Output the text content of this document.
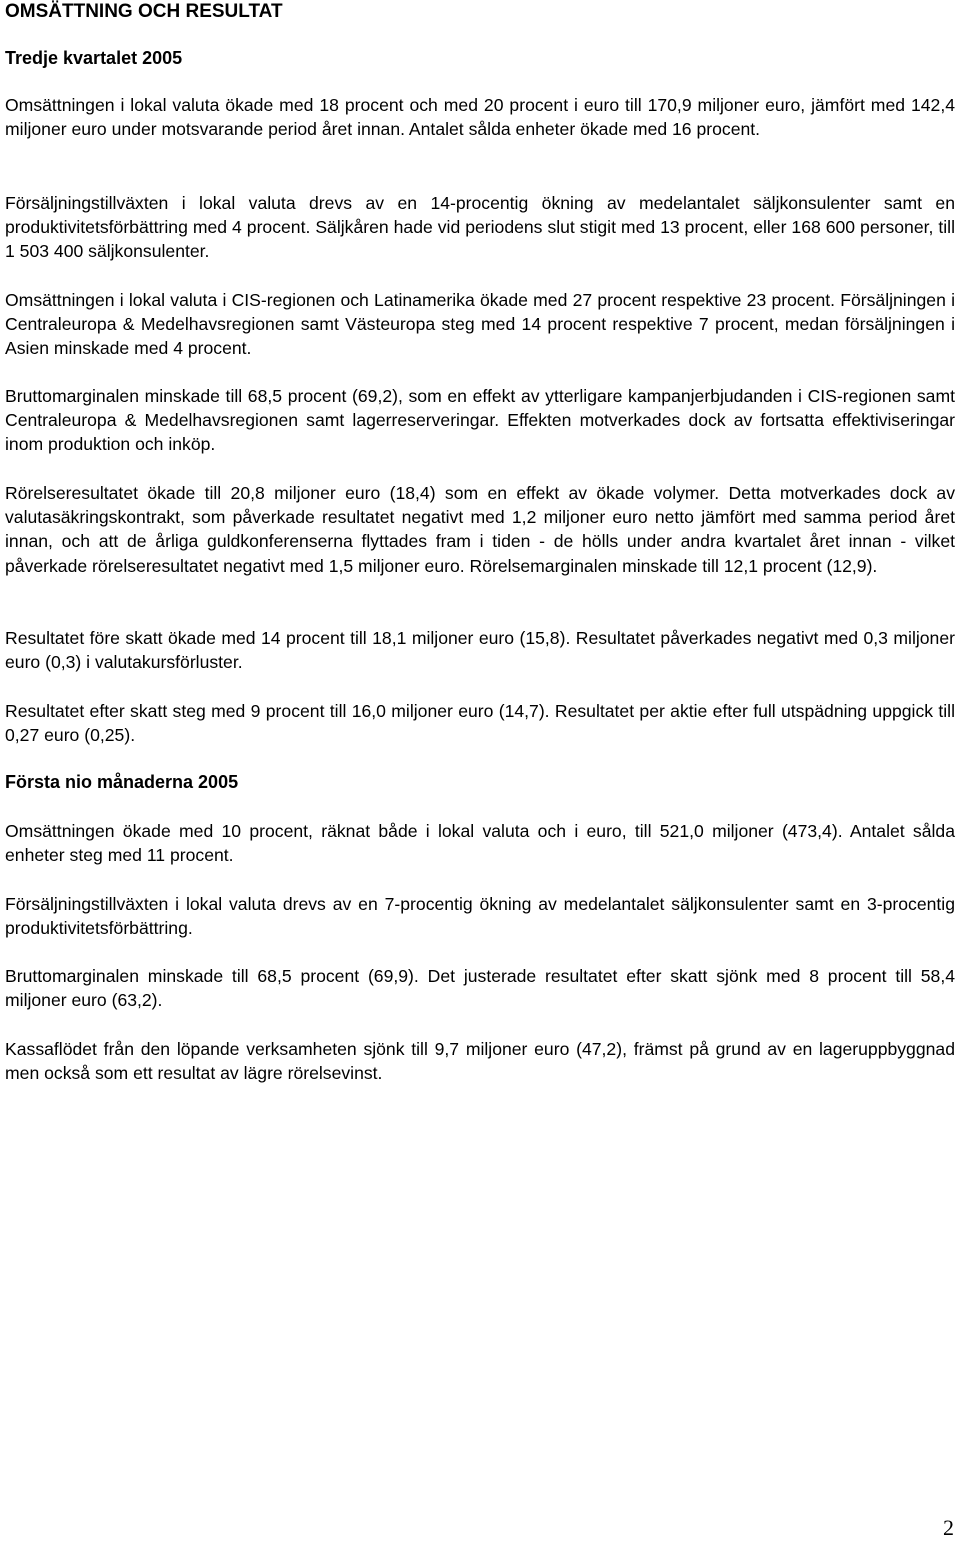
OMSÄTTNING OCH RESULTAT
Tredje kvartalet 2005

Omsättningen i lokal valuta ökade med 18 procent och med 20 procent i euro till 170,9 miljoner euro, jämfört med 142,4 miljoner euro under motsvarande period året innan. Antalet sålda enheter ökade med 16 procent.

Försäljningstillväxten i lokal valuta drevs av en 14-procentig ökning av medelantalet säljkonsulenter samt en produktivitetsförbättring med 4 procent. Säljkåren hade vid periodens slut stigit med 13 procent, eller 168 600 personer, till 1 503 400 säljkonsulenter.

Omsättningen i lokal valuta i CIS-regionen och Latinamerika ökade med 27 procent respektive 23 procent. Försäljningen i Centraleuropa & Medelhavsregionen samt Västeuropa steg med 14 procent respektive 7 procent, medan försäljningen i Asien minskade med 4 procent.

Bruttomarginalen minskade till 68,5 procent (69,2), som en effekt av ytterligare kampanjerbjudanden i CIS-regionen samt Centraleuropa & Medelhavsregionen samt lagerreserveringar. Effekten motverkades dock av fortsatta effektiviseringar inom produktion och inköp.

Rörelseresultatet ökade till 20,8 miljoner euro (18,4) som en effekt av ökade volymer. Detta motverkades dock av valutasäkringskontrakt, som påverkade resultatet negativt med 1,2 miljoner euro netto jämfört med samma period året innan, och att de årliga guldkonferenserna flyttades fram i tiden - de hölls under andra kvartalet året innan - vilket påverkade rörelseresultatet negativt med 1,5 miljoner euro. Rörelsemarginalen minskade till 12,1 procent (12,9).

Resultatet före skatt ökade med 14 procent till 18,1 miljoner euro (15,8). Resultatet påverkades negativt med 0,3 miljoner euro (0,3) i valutakursförluster.

Resultatet efter skatt steg med 9 procent till 16,0 miljoner euro (14,7). Resultatet per aktie efter full utspädning uppgick till 0,27 euro (0,25).

Första nio månaderna 2005

Omsättningen ökade med 10 procent, räknat både i lokal valuta och i euro, till 521,0 miljoner (473,4). Antalet sålda enheter steg med 11 procent.

Försäljningstillväxten i lokal valuta drevs av en 7-procentig ökning av medelantalet säljkonsulenter samt en 3-procentig produktivitetsförbättring.

Bruttomarginalen minskade till 68,5 procent (69,9). Det justerade resultatet efter skatt sjönk med 8 procent till 58,4 miljoner euro (63,2).

Kassaflödet från den löpande verksamheten sjönk till 9,7 miljoner euro (47,2), främst på grund av en lageruppbyggnad men också som ett resultat av lägre rörelsevinst.

2
